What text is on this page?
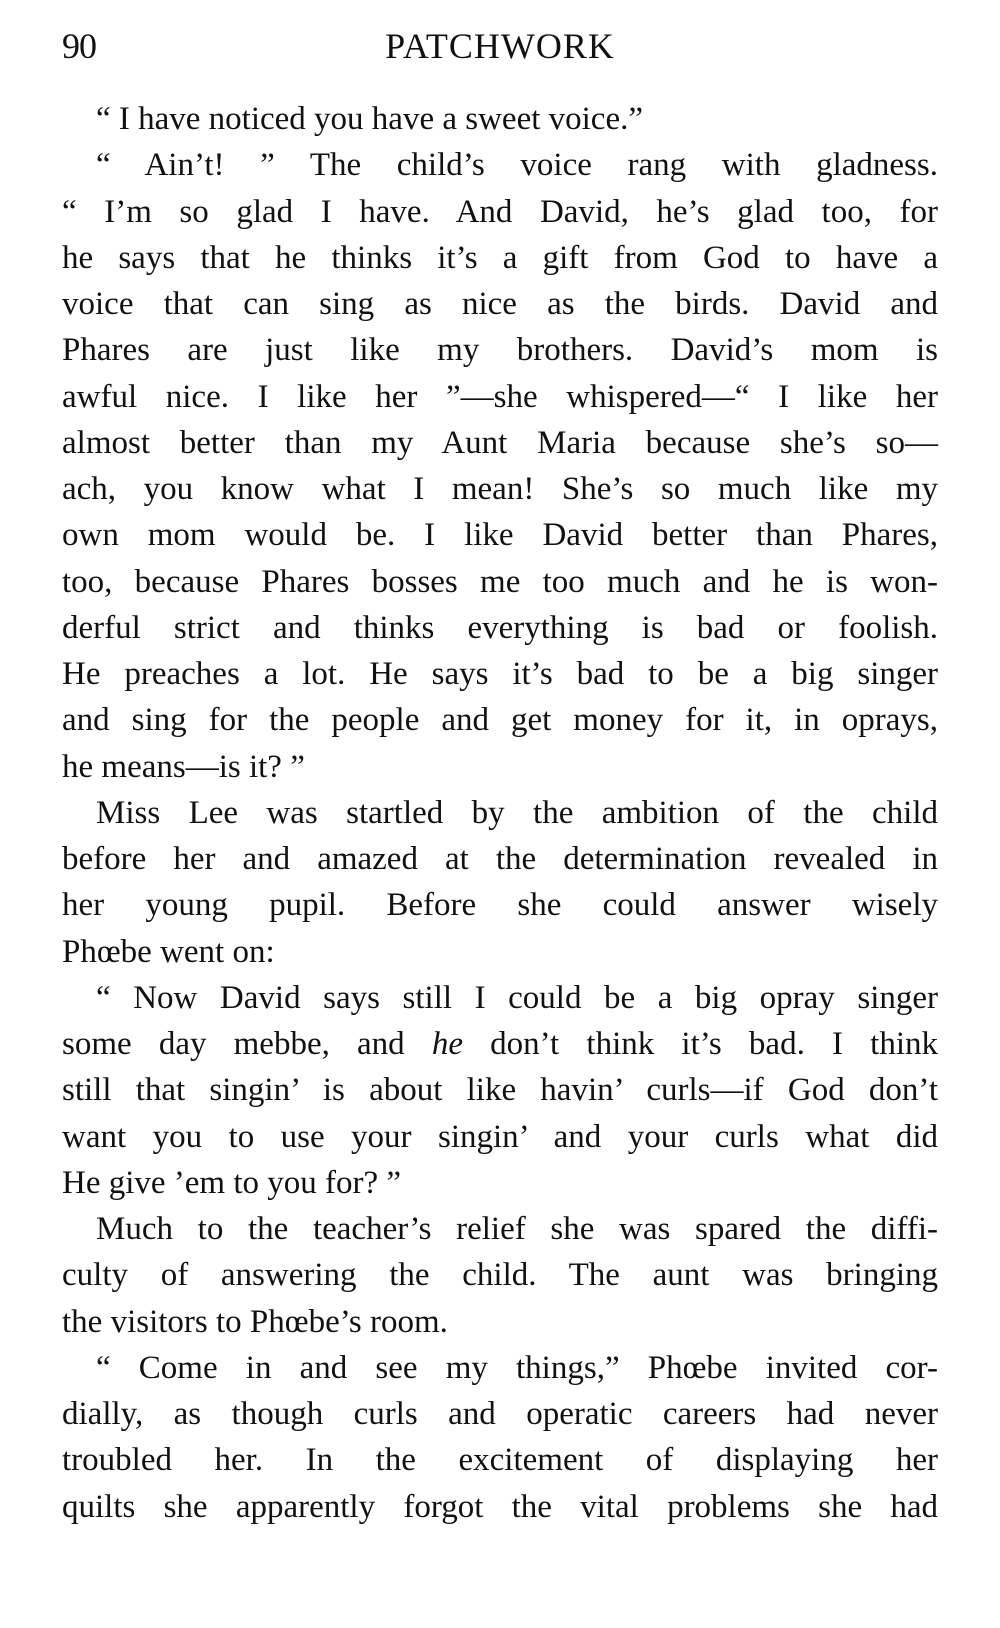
90	PATCHWORK
“ I have noticed you have a sweet voice.”
“ Ain’t! ” The child’s voice rang with gladness.
“ I’m so glad I have. And David, he’s glad too, for
he says that he thinks it’s a gift from God to have a
voice that can sing as nice as the birds. David and
Phares are just like my brothers. David’s mom is
awful nice. I like her ”—she whispered—“ I like her
almost better than my Aunt Maria because she’s so—
ach, you know what I mean! She’s so much like my
own mom would be. I like David better than Phares,
too, because Phares bosses me too much and he is won-
derful strict and thinks everything is bad or foolish.
He preaches a lot. He says it’s bad to be a big singer
and sing for the people and get money for it, in oprays,
he means—is it? ”
Miss Lee was startled by the ambition of the child
before her and amazed at the determination revealed in
her young pupil. Before she could answer wisely
Phœbe went on:
“ Now David says still I could be a big opray singer
some day mebbe, and he don’t think it’s bad. I think
still that singin’ is about like havin’ curls—if God don’t
want you to use your singin’ and your curls what did
He give ’em to you for? ”
Much to the teacher’s relief she was spared the diffi-
culty of answering the child. The aunt was bringing
the visitors to Phœbe’s room.
“ Come in and see my things,” Phœbe invited cor-
dially, as though curls and operatic careers had never
troubled her. In the excitement of displaying her
quilts she apparently forgot the vital problems she had
